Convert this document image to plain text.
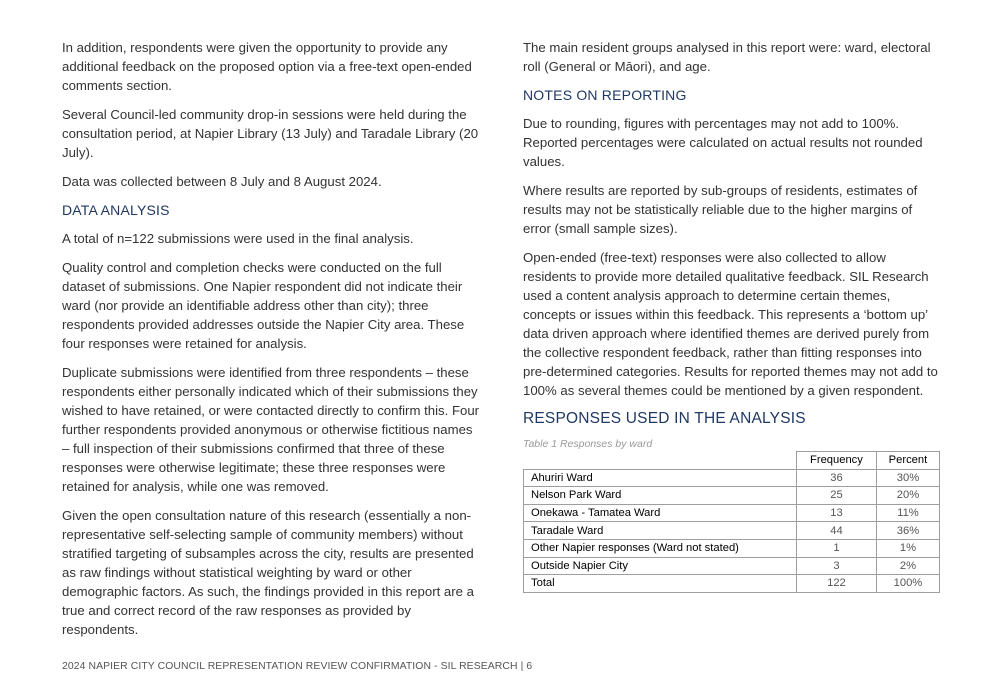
In addition, respondents were given the opportunity to provide any additional feedback on the proposed option via a free-text open-ended comments section.

Several Council-led community drop-in sessions were held during the consultation period, at Napier Library (13 July) and Taradale Library (20 July).

Data was collected between 8 July and 8 August 2024.

DATA ANALYSIS

A total of n=122 submissions were used in the final analysis.

Quality control and completion checks were conducted on the full dataset of submissions. One Napier respondent did not indicate their ward (nor provide an identifiable address other than city); three respondents provided addresses outside the Napier City area. These four responses were retained for analysis.

Duplicate submissions were identified from three respondents – these respondents either personally indicated which of their submissions they wished to have retained, or were contacted directly to confirm this. Four further respondents provided anonymous or otherwise fictitious names – full inspection of their submissions confirmed that three of these responses were otherwise legitimate; these three responses were retained for analysis, while one was removed.

Given the open consultation nature of this research (essentially a non-representative self-selecting sample of community members) without stratified targeting of subsamples across the city, results are presented as raw findings without statistical weighting by ward or other demographic factors. As such, the findings provided in this report are a true and correct record of the raw responses as provided by respondents.

The main resident groups analysed in this report were: ward, electoral roll (General or Māori), and age.

NOTES ON REPORTING

Due to rounding, figures with percentages may not add to 100%. Reported percentages were calculated on actual results not rounded values.

Where results are reported by sub-groups of residents, estimates of results may not be statistically reliable due to the higher margins of error (small sample sizes).

Open-ended (free-text) responses were also collected to allow residents to provide more detailed qualitative feedback. SIL Research used a content analysis approach to determine certain themes, concepts or issues within this feedback. This represents a ‘bottom up’ data driven approach where identified themes are derived purely from the collective respondent feedback, rather than fitting responses into pre-determined categories. Results for reported themes may not add to 100% as several themes could be mentioned by a given respondent.

RESPONSES USED IN THE ANALYSIS
Table 1 Responses by ward
	Frequency	Percent
Ahuriri Ward	36	30%
Nelson Park Ward	25	20%
Onekawa - Tamatea Ward	13	11%
Taradale Ward	44	36%
Other Napier responses (Ward not stated)	1	1%
Outside Napier City	3	2%
Total	122	100%
2024 NAPIER CITY COUNCIL REPRESENTATION REVIEW CONFIRMATION - SIL RESEARCH | 6
